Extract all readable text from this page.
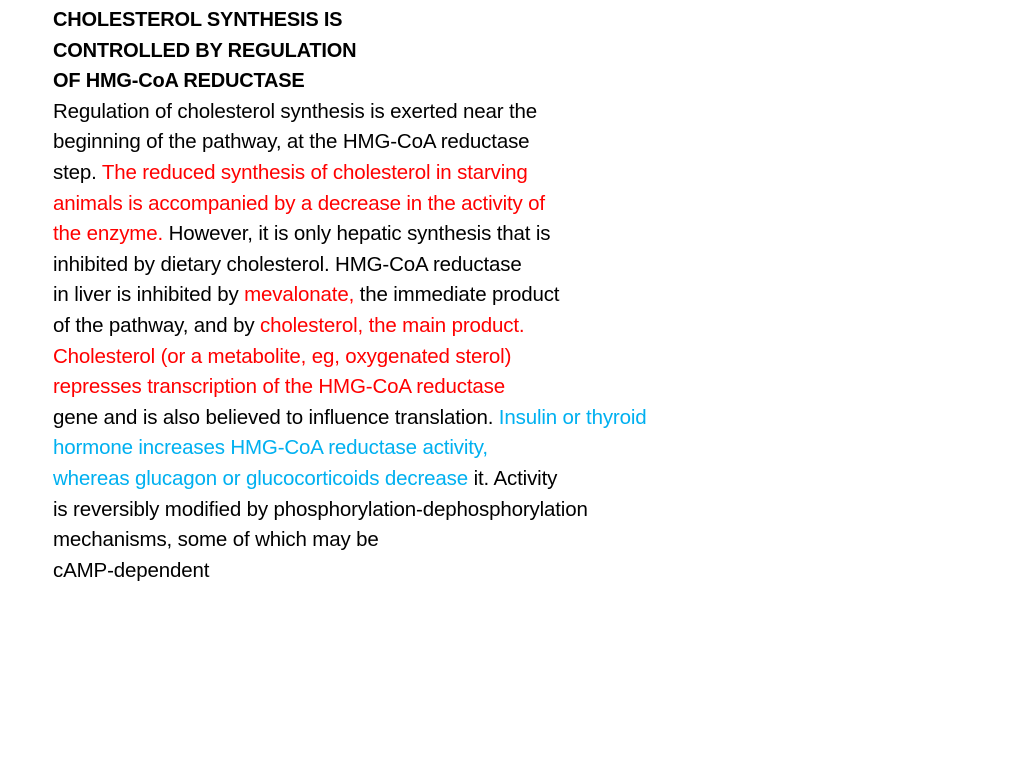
CHOLESTEROL SYNTHESIS IS
CONTROLLED BY REGULATION
OF HMG-CoA REDUCTASE
Regulation of cholesterol synthesis is exerted near the
beginning of the pathway, at the HMG-CoA reductase
step. The reduced synthesis of cholesterol in starving
animals is accompanied by a decrease in the activity of
the enzyme. However, it is only hepatic synthesis that is
inhibited by dietary cholesterol. HMG-CoA reductase
in liver is inhibited by mevalonate, the immediate product
of the pathway, and by cholesterol, the main product.
Cholesterol (or a metabolite, eg, oxygenated sterol)
represses transcription of the HMG-CoA reductase
gene and is also believed to influence translation. Insulin or thyroid
hormone increases HMG-CoA reductase activity,
whereas glucagon or glucocorticoids decrease it. Activity
is reversibly modified by phosphorylation-dephosphorylation
mechanisms, some of which may be
cAMP-dependent
